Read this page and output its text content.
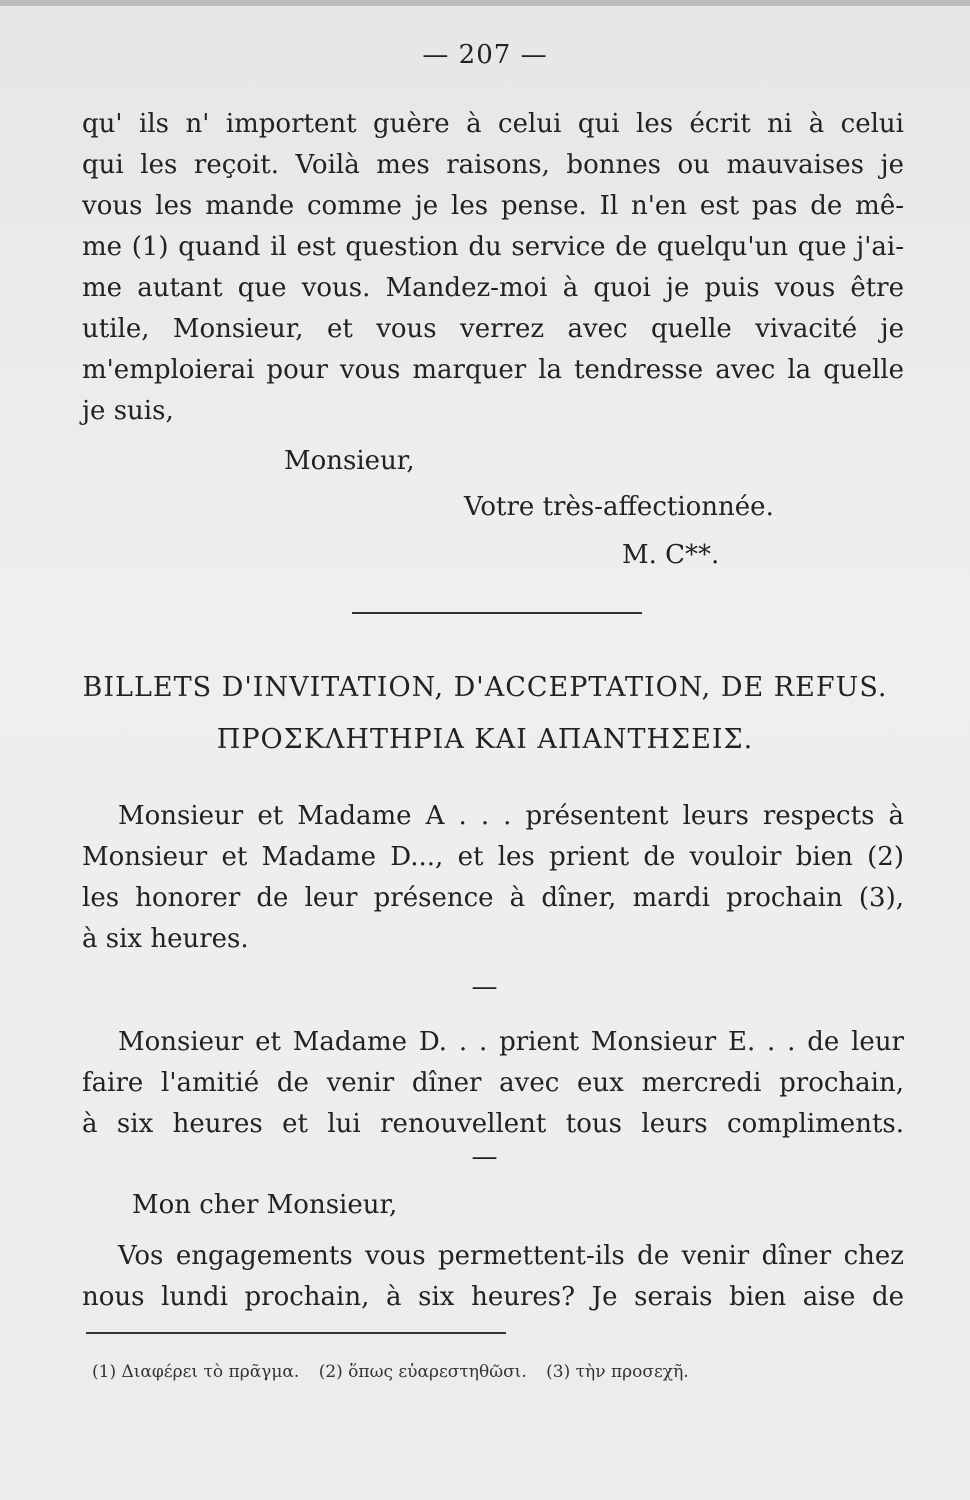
— 207 —
qu' ils n' importent guère à celui qui les écrit ni à celui
qui les reçoit. Voilà mes raisons, bonnes ou mauvaises je
vous les mande comme je les pense. Il n'en est pas de mê-
me (1) quand il est question du service de quelqu'un que j'ai-
me autant que vous. Mandez-moi à quoi je puis vous être
utile, Monsieur, et vous verrez avec quelle vivacité je
m'emploierai pour vous marquer la tendresse avec la quelle
je suis,
Monsieur,
Votre très-affectionnée.
M. C**.
BILLETS D'INVITATION, D'ACCEPTATION, DE REFUS.
ΠΡΟΣΚΛΗΤΗΡΙΑ ΚΑΙ ΑΠΑΝΤΗΣΕΙΣ.
Monsieur et Madame A . . . présentent leurs respects à
Monsieur et Madame D..., et les prient de vouloir bien (2)
les honorer de leur présence à dîner, mardi prochain (3),
à six heures.
—
Monsieur et Madame D. . . prient Monsieur E. . . de leur
faire l'amitié de venir dîner avec eux mercredi prochain,
à six heures et lui renouvellent tous leurs compliments.
—
Mon cher Monsieur,
Vos engagements vous permettent-ils de venir dîner chez
nous lundi prochain, à six heures? Je serais bien aise de
(1) Διαφέρει τὸ πρᾶγμα. (2) ὅπως εὐαρεστηθῶσι. (3) τὴν προσεχῆ.
